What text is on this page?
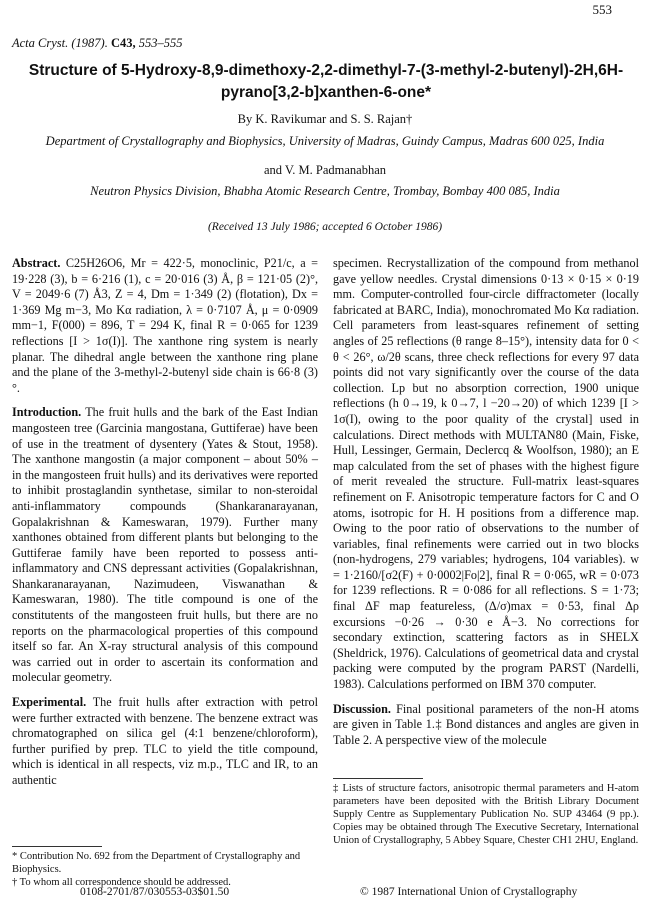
553
Acta Cryst. (1987). C43, 553–555
Structure of 5-Hydroxy-8,9-dimethoxy-2,2-dimethyl-7-(3-methyl-2-butenyl)-2H,6H-
pyrano[3,2-b]xanthen-6-one*
By K. Ravikumar and S. S. Rajan†
Department of Crystallography and Biophysics, University of Madras, Guindy Campus, Madras 600 025, India
and V. M. Padmanabhan
Neutron Physics Division, Bhabha Atomic Research Centre, Trombay, Bombay 400 085, India
(Received 13 July 1986; accepted 6 October 1986)

Abstract. C25H26O6, Mr = 422·5, monoclinic, P21/c, a = 19·228 (3), b = 6·216 (1), c = 20·016 (3) Å, β = 121·05 (2)°, V = 2049·6 (7) Å3, Z = 4, Dm = 1·349 (2) (flotation), Dx = 1·369 Mg m−3, Mo Kα radiation, λ = 0·7107 Å, μ = 0·0909 mm−1, F(000) = 896, T = 294 K, final R = 0·065 for 1239 reflections [I > 1σ(I)]. The xanthone ring system is nearly planar. The dihedral angle between the xanthone ring plane and the plane of the 3-methyl-2-butenyl side chain is 66·8 (3)°.

Introduction. The fruit hulls and the bark of the East Indian mangosteen tree (Garcinia mangostana, Guttiferae) have been of use in the treatment of dysentery (Yates & Stout, 1958). The xanthone mangostin (a major component – about 50% – in the mangosteen fruit hulls) and its derivatives were reported to inhibit prostaglandin synthetase, similar to non-steroidal anti-inflammatory compounds (Shankaranarayanan, Gopalakrishnan & Kameswaran, 1979). Further many xanthones obtained from different plants but belonging to the Guttiferae family have been reported to possess anti-inflammatory and CNS depressant activities (Gopalakrishnan, Shankaranarayanan, Nazimudeen, Viswanathan & Kameswaran, 1980). The title compound is one of the constitutents of the mangosteen fruit hulls, but there are no reports on the pharmacological properties of this compound itself so far. An X-ray structural analysis of this compound was carried out in order to ascertain its conformation and molecular geometry.

Experimental. The fruit hulls after extraction with petrol were further extracted with benzene. The benzene extract was chromatographed on silica gel (4:1 benzene/chloroform), further purified by prep. TLC to yield the title compound, which is identical in all respects, viz m.p., TLC and IR, to an authentic

specimen. Recrystallization of the compound from methanol gave yellow needles. Crystal dimensions 0·13 × 0·15 × 0·19 mm. Computer-controlled four-circle diffractometer (locally fabricated at BARC, India), monochromated Mo Kα radiation. Cell parameters from least-squares refinement of setting angles of 25 reflections (θ range 8–15°), intensity data for 0 < θ < 26°, ω/2θ scans, three check reflections for every 97 data points did not vary significantly over the course of the data collection. Lp but no absorption correction, 1900 unique reflections (h 0→19, k 0→7, l −20→20) of which 1239 [I > 1σ(I), owing to the poor quality of the crystal] used in calculations. Direct methods with MULTAN80 (Main, Fiske, Hull, Lessinger, Germain, Declercq & Woolfson, 1980); an E map calculated from the set of phases with the highest figure of merit revealed the structure. Full-matrix least-squares refinement on F. Anisotropic temperature factors for C and O atoms, isotropic for H. H positions from a difference map. Owing to the poor ratio of observations to the number of variables, final refinements were carried out in two blocks (non-hydrogens, 279 variables; hydrogens, 104 variables). w = 1·2160/[σ2(F) + 0·0002|Fo|2], final R = 0·065, wR = 0·073 for 1239 reflections. R = 0·086 for all reflections. S = 1·73; final ΔF map featureless, (Δ/σ)max = 0·53, final Δρ excursions −0·26 → 0·30 e Å−3. No corrections for secondary extinction, scattering factors as in SHELX (Sheldrick, 1976). Calculations of geometrical data and crystal packing were computed by the program PARST (Nardelli, 1983). Calculations performed on IBM 370 computer.

Discussion. Final positional parameters of the non-H atoms are given in Table 1.‡ Bond distances and angles are given in Table 2. A perspective view of the molecule

‡ Lists of structure factors, anisotropic thermal parameters and H-atom parameters have been deposited with the British Library Document Supply Centre as Supplementary Publication No. SUP 43464 (9 pp.). Copies may be obtained through The Executive Secretary, International Union of Crystallography, 5 Abbey Square, Chester CH1 2HU, England.
* Contribution No. 692 from the Department of Crystallography and Biophysics.
† To whom all correspondence should be addressed.
0108-2701/87/030553-03$01.50	© 1987 International Union of Crystallography
